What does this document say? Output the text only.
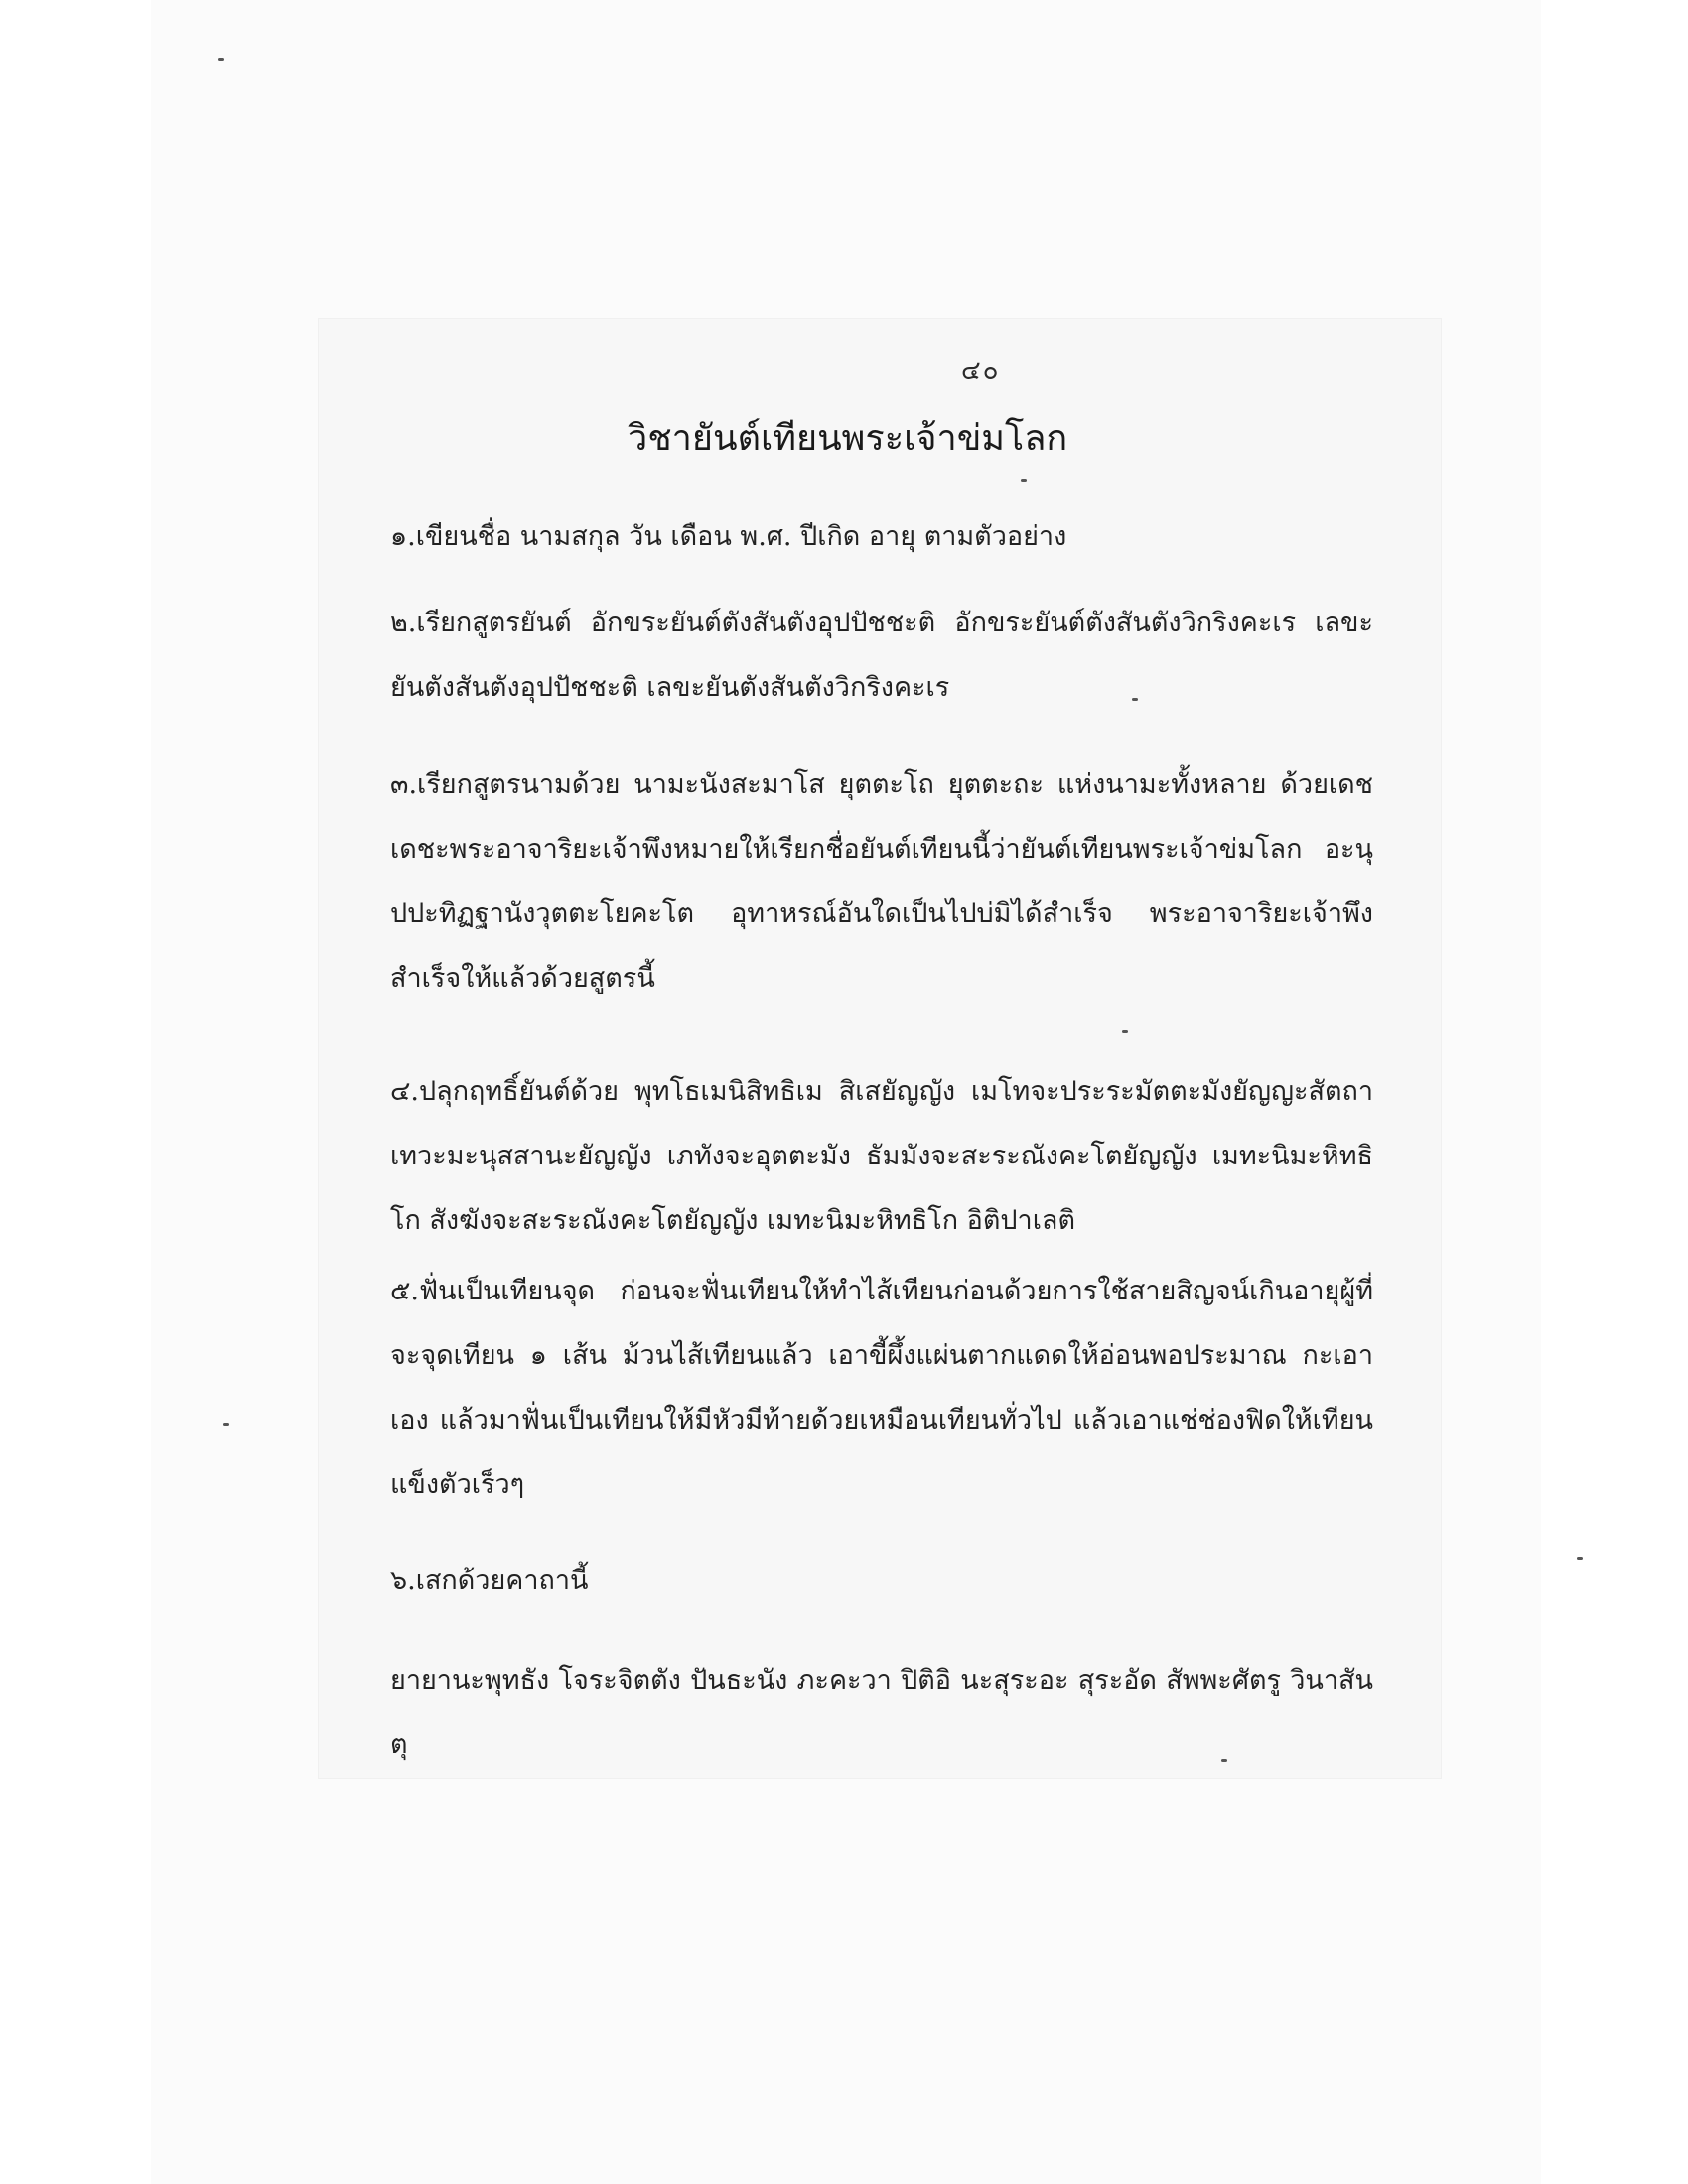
๔๐
วิชายันต์เทียนพระเจ้าข่มโลก

๑.เขียนชื่อ นามสกุล วัน เดือน พ.ศ. ปีเกิด อายุ ตามตัวอย่าง

๒.เรียกสูตรยันต์ อักขระยันต์ตังสันตังอุปปัชชะติ อักขระยันต์ตังสันตังวิกริงคะเร เลขะยันตังสันตังอุปปัชชะติ เลขะยันตังสันตังวิกริงคะเร

๓.เรียกสูตรนามด้วย นามะนังสะมาโส ยุตตะโถ ยุตตะถะ แห่งนามะทั้งหลาย ด้วยเดชเดชะพระอาจาริยะเจ้าพึงหมายให้เรียกชื่อยันต์เทียนนี้ว่ายันต์เทียนพระเจ้าข่มโลก อะนุปปะทิฏฐานังวุตตะโยคะโต อุทาหรณ์อันใดเป็นไปบ่มิได้สำเร็จ พระอาจาริยะเจ้าพึงสำเร็จให้แล้วด้วยสูตรนี้

๔.ปลุกฤทธิ์ยันต์ด้วย พุทโธเมนิสิทธิเม สิเสยัญญัง เมโทจะประระมัตตะมังยัญญะสัตถาเทวะมะนุสสานะยัญญัง เภทังจะอุตตะมัง ธัมมังจะสะระณังคะโตยัญญัง เมทะนิมะหิทธิโก สังฆังจะสะระณังคะโตยัญญัง เมทะนิมะหิทธิโก อิติปาเลติ

๕.ฟั่นเป็นเทียนจุด ก่อนจะฟั่นเทียนให้ทำไส้เทียนก่อนด้วยการใช้สายสิญจน์เกินอายุผู้ที่จะจุดเทียน ๑ เส้น ม้วนไส้เทียนแล้ว เอาขี้ผึ้งแผ่นตากแดดให้อ่อนพอประมาณ กะเอาเอง แล้วมาฟั่นเป็นเทียนให้มีหัวมีท้ายด้วยเหมือนเทียนทั่วไป แล้วเอาแช่ช่องฟิดให้เทียนแข็งตัวเร็วๆ

๖.เสกด้วยคาถานี้

ยายานะพุทธัง โจระจิตตัง ปันธะนัง ภะคะวา ปิติอิ นะสุระอะ สุระอัด สัพพะศัตรู วินาสันตุ
